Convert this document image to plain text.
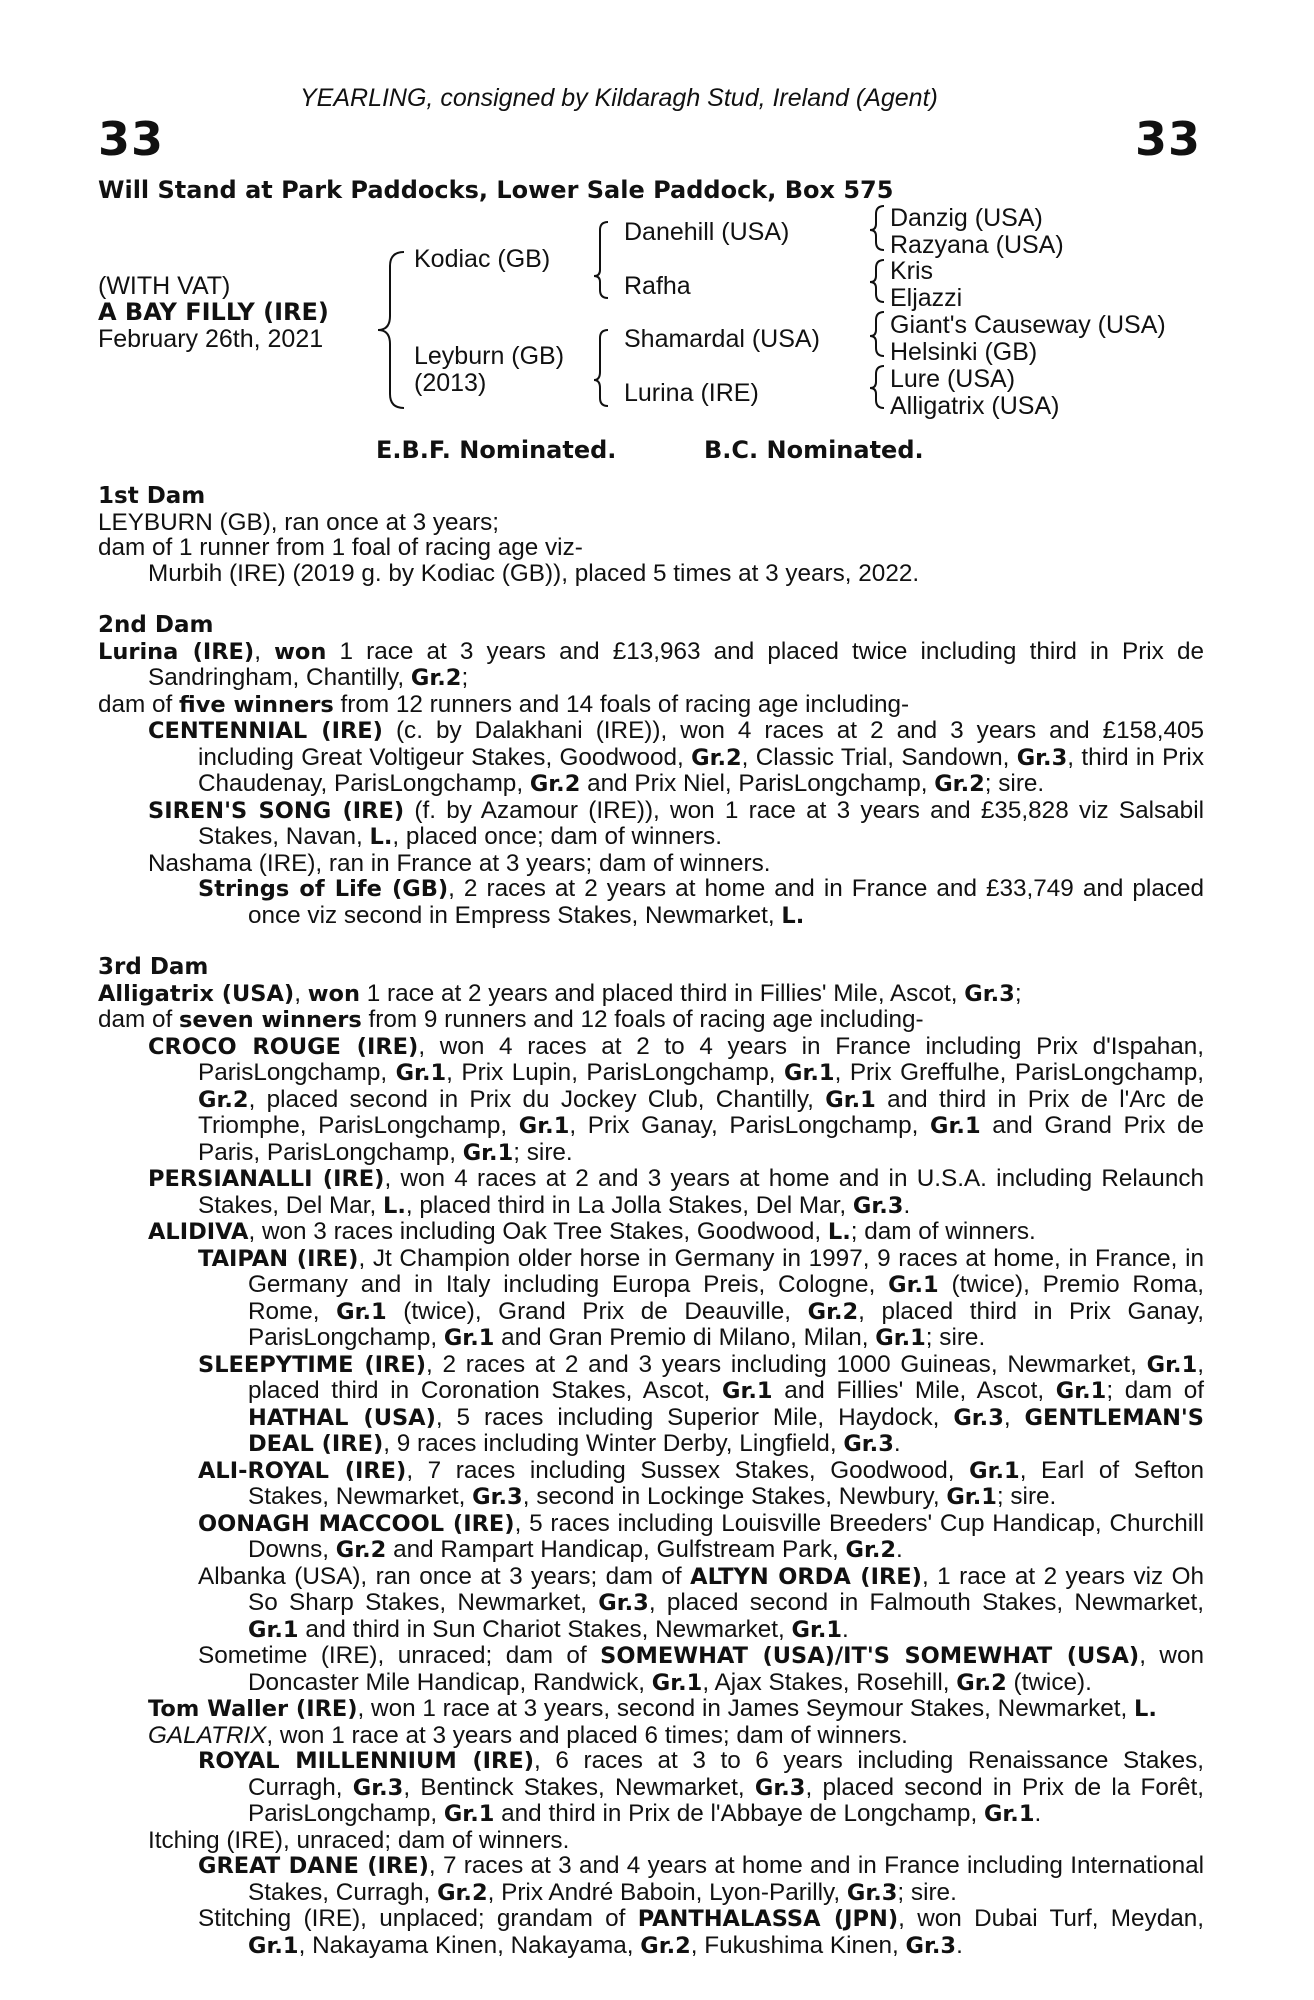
YEARLING, consigned by Kildaragh Stud, Ireland (Agent)
33	33
Will Stand at Park Paddocks, Lower Sale Paddock, Box 575
(WITH VAT)
A BAY FILLY (IRE)
February 26th, 2021
Kodiac (GB)
Leyburn (GB)
(2013)
Danehill (USA)
Rafha
Shamardal (USA)
Lurina (IRE)
Danzig (USA)
Razyana (USA)
Kris
Eljazzi
Giant's Causeway (USA)
Helsinki (GB)
Lure (USA)
Alligatrix (USA)
E.B.F. Nominated.	B.C. Nominated.
1st Dam
LEYBURN (GB), ran once at 3 years;
dam of 1 runner from 1 foal of racing age viz-
Murbih (IRE) (2019 g. by Kodiac (GB)), placed 5 times at 3 years, 2022.
2nd Dam
Lurina (IRE), won 1 race at 3 years and £13,963 and placed twice including third in Prix de Sandringham, Chantilly, Gr.2;
dam of five winners from 12 runners and 14 foals of racing age including-
CENTENNIAL (IRE) (c. by Dalakhani (IRE)), won 4 races at 2 and 3 years and £158,405 including Great Voltigeur Stakes, Goodwood, Gr.2, Classic Trial, Sandown, Gr.3, third in Prix Chaudenay, ParisLongchamp, Gr.2 and Prix Niel, ParisLongchamp, Gr.2; sire.
SIREN'S SONG (IRE) (f. by Azamour (IRE)), won 1 race at 3 years and £35,828 viz Salsabil Stakes, Navan, L., placed once; dam of winners.
Nashama (IRE), ran in France at 3 years; dam of winners.
Strings of Life (GB), 2 races at 2 years at home and in France and £33,749 and placed once viz second in Empress Stakes, Newmarket, L.
3rd Dam
Alligatrix (USA), won 1 race at 2 years and placed third in Fillies' Mile, Ascot, Gr.3;
dam of seven winners from 9 runners and 12 foals of racing age including-
CROCO ROUGE (IRE), won 4 races at 2 to 4 years in France including Prix d'Ispahan, ParisLongchamp, Gr.1, Prix Lupin, ParisLongchamp, Gr.1, Prix Greffulhe, ParisLongchamp, Gr.2, placed second in Prix du Jockey Club, Chantilly, Gr.1 and third in Prix de l'Arc de Triomphe, ParisLongchamp, Gr.1, Prix Ganay, ParisLongchamp, Gr.1 and Grand Prix de Paris, ParisLongchamp, Gr.1; sire.
PERSIANALLI (IRE), won 4 races at 2 and 3 years at home and in U.S.A. including Relaunch Stakes, Del Mar, L., placed third in La Jolla Stakes, Del Mar, Gr.3.
ALIDIVA, won 3 races including Oak Tree Stakes, Goodwood, L.; dam of winners.
TAIPAN (IRE), Jt Champion older horse in Germany in 1997, 9 races at home, in France, in Germany and in Italy including Europa Preis, Cologne, Gr.1 (twice), Premio Roma, Rome, Gr.1 (twice), Grand Prix de Deauville, Gr.2, placed third in Prix Ganay, ParisLongchamp, Gr.1 and Gran Premio di Milano, Milan, Gr.1; sire.
SLEEPYTIME (IRE), 2 races at 2 and 3 years including 1000 Guineas, Newmarket, Gr.1, placed third in Coronation Stakes, Ascot, Gr.1 and Fillies' Mile, Ascot, Gr.1; dam of HATHAL (USA), 5 races including Superior Mile, Haydock, Gr.3, GENTLEMAN'S DEAL (IRE), 9 races including Winter Derby, Lingfield, Gr.3.
ALI-ROYAL (IRE), 7 races including Sussex Stakes, Goodwood, Gr.1, Earl of Sefton Stakes, Newmarket, Gr.3, second in Lockinge Stakes, Newbury, Gr.1; sire.
OONAGH MACCOOL (IRE), 5 races including Louisville Breeders' Cup Handicap, Churchill Downs, Gr.2 and Rampart Handicap, Gulfstream Park, Gr.2.
Albanka (USA), ran once at 3 years; dam of ALTYN ORDA (IRE), 1 race at 2 years viz Oh So Sharp Stakes, Newmarket, Gr.3, placed second in Falmouth Stakes, Newmarket, Gr.1 and third in Sun Chariot Stakes, Newmarket, Gr.1.
Sometime (IRE), unraced; dam of SOMEWHAT (USA)/IT'S SOMEWHAT (USA), won Doncaster Mile Handicap, Randwick, Gr.1, Ajax Stakes, Rosehill, Gr.2 (twice).
Tom Waller (IRE), won 1 race at 3 years, second in James Seymour Stakes, Newmarket, L.
GALATRIX, won 1 race at 3 years and placed 6 times; dam of winners.
ROYAL MILLENNIUM (IRE), 6 races at 3 to 6 years including Renaissance Stakes, Curragh, Gr.3, Bentinck Stakes, Newmarket, Gr.3, placed second in Prix de la Forêt, ParisLongchamp, Gr.1 and third in Prix de l'Abbaye de Longchamp, Gr.1.
Itching (IRE), unraced; dam of winners.
GREAT DANE (IRE), 7 races at 3 and 4 years at home and in France including International Stakes, Curragh, Gr.2, Prix André Baboin, Lyon-Parilly, Gr.3; sire.
Stitching (IRE), unplaced; grandam of PANTHALASSA (JPN), won Dubai Turf, Meydan, Gr.1, Nakayama Kinen, Nakayama, Gr.2, Fukushima Kinen, Gr.3.
